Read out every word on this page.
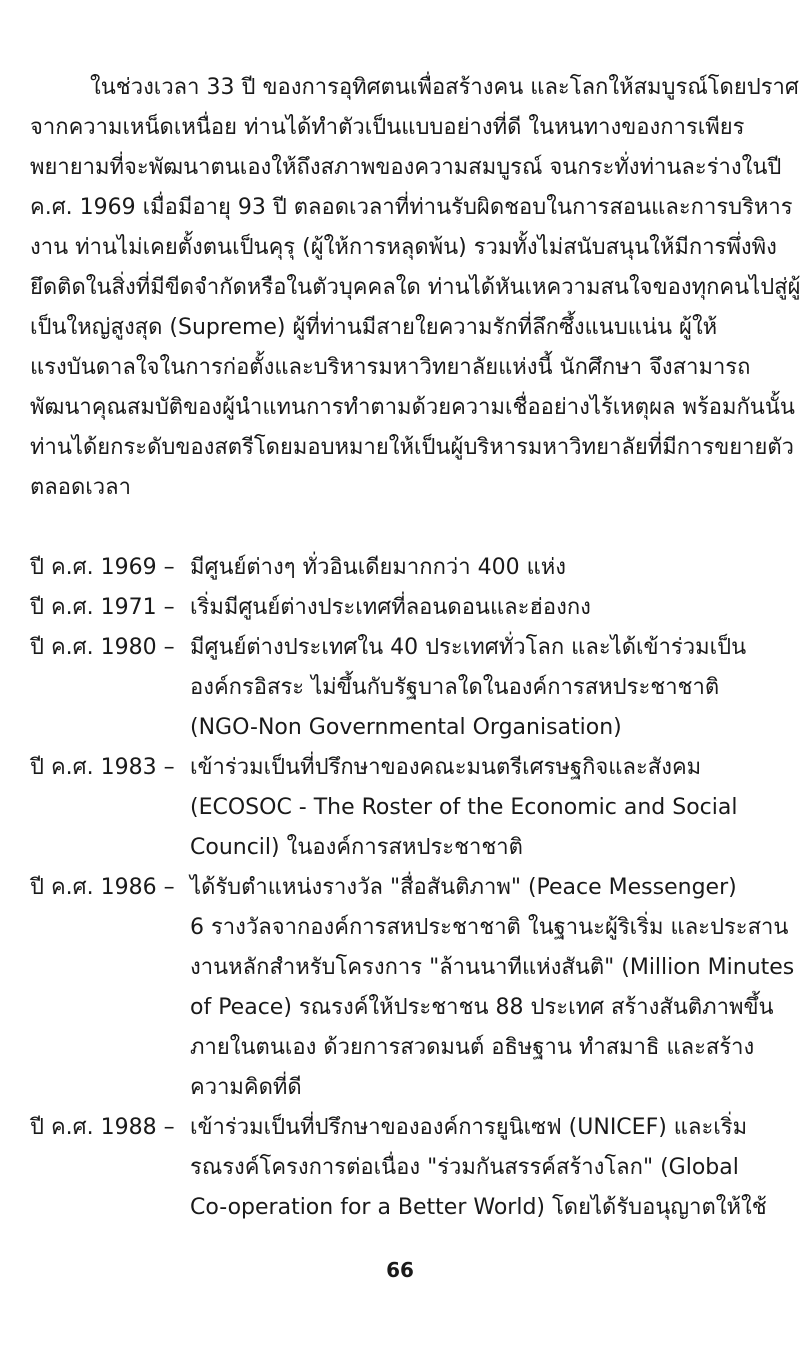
ในช่วงเวลา 33 ปี ของการอุทิศตนเพื่อสร้างคน และโลกให้สมบูรณ์โดยปราศ
จากความเหน็ดเหนื่อย ท่านได้ทำตัวเป็นแบบอย่างที่ดี ในหนทางของการเพียร
พยายามที่จะพัฒนาตนเองให้ถึงสภาพของความสมบูรณ์ จนกระทั่งท่านละร่างในปี
ค.ศ. 1969 เมื่อมีอายุ 93 ปี ตลอดเวลาที่ท่านรับผิดชอบในการสอนและการบริหาร
งาน ท่านไม่เคยตั้งตนเป็นคุรุ (ผู้ให้การหลุดพ้น) รวมทั้งไม่สนับสนุนให้มีการพึ่งพิง
ยึดติดในสิ่งที่มีขีดจำกัดหรือในตัวบุคคลใด ท่านได้หันเหความสนใจของทุกคนไปสู่ผู้
เป็นใหญ่สูงสุด (Supreme) ผู้ที่ท่านมีสายใยความรักที่ลึกซึ้งแนบแน่น ผู้ให้
แรงบันดาลใจในการก่อตั้งและบริหารมหาวิทยาลัยแห่งนี้ นักศึกษา จึงสามารถ
พัฒนาคุณสมบัติของผู้นำแทนการทำตามด้วยความเชื่ออย่างไร้เหตุผล พร้อมกันนั้น
ท่านได้ยกระดับของสตรีโดยมอบหมายให้เป็นผู้บริหารมหาวิทยาลัยที่มีการขยายตัว
ตลอดเวลา

ปี ค.ศ. 1969 – มีศูนย์ต่างๆ ทั่วอินเดียมากกว่า 400 แห่ง
ปี ค.ศ. 1971 – เริ่มมีศูนย์ต่างประเทศที่ลอนดอนและฮ่องกง
ปี ค.ศ. 1980 – มีศูนย์ต่างประเทศใน 40 ประเทศทั่วโลก และได้เข้าร่วมเป็น
องค์กรอิสระ ไม่ขึ้นกับรัฐบาลใดในองค์การสหประชาชาติ
(NGO-Non Governmental Organisation)
ปี ค.ศ. 1983 – เข้าร่วมเป็นที่ปรึกษาของคณะมนตรีเศรษฐกิจและสังคม
(ECOSOC - The Roster of the Economic and Social
Council) ในองค์การสหประชาชาติ
ปี ค.ศ. 1986 – ได้รับตำแหน่งรางวัล "สื่อสันติภาพ" (Peace Messenger)
6 รางวัลจากองค์การสหประชาชาติ ในฐานะผู้ริเริ่ม และประสาน
งานหลักสำหรับโครงการ "ล้านนาทีแห่งสันติ" (Million Minutes
of Peace) รณรงค์ให้ประชาชน 88 ประเทศ สร้างสันติภาพขึ้น
ภายในตนเอง ด้วยการสวดมนต์ อธิษฐาน ทำสมาธิ และสร้าง
ความคิดที่ดี
ปี ค.ศ. 1988 – เข้าร่วมเป็นที่ปรึกษาขององค์การยูนิเซฟ (UNICEF) และเริ่ม
รณรงค์โครงการต่อเนื่อง "ร่วมกันสรรค์สร้างโลก" (Global
Co-operation for a Better World) โดยได้รับอนุญาตให้ใช้
66
